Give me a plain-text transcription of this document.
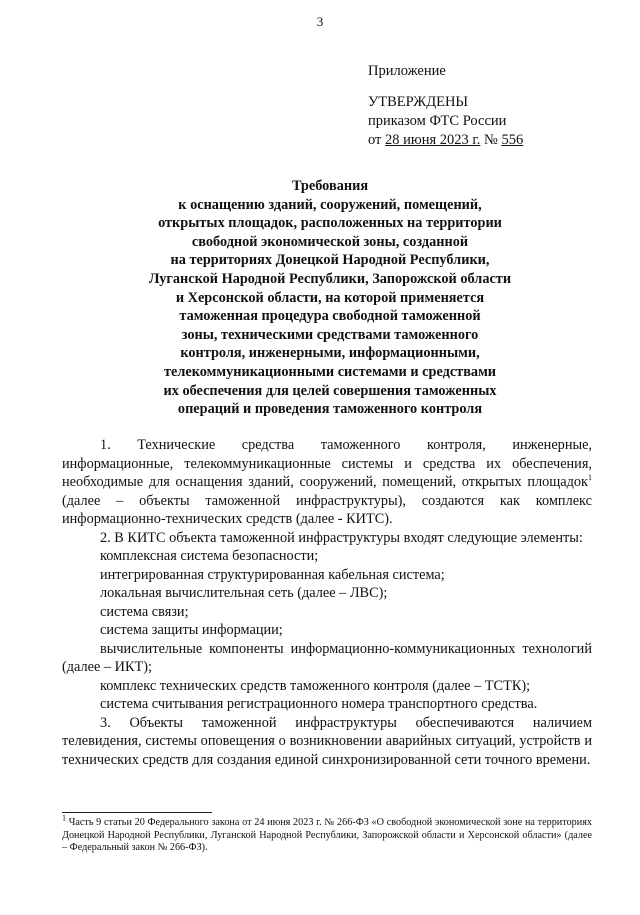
3
Приложение
УТВЕРЖДЕНЫ
приказом ФТС России
от 28 июня 2023 г. № 556
Требования
к оснащению зданий, сооружений, помещений,
открытых площадок, расположенных на территории
свободной экономической зоны, созданной
на территориях Донецкой Народной Республики,
Луганской Народной Республики, Запорожской области
и Херсонской области, на которой применяется
таможенная процедура свободной таможенной
зоны, техническими средствами таможенного
контроля, инженерными, информационными,
телекоммуникационными системами и средствами
их обеспечения для целей совершения таможенных
операций и проведения таможенного контроля

1. Технические средства таможенного контроля, инженерные, информационные, телекоммуникационные системы и средства их обеспечения, необходимые для оснащения зданий, сооружений, помещений, открытых площадок$^1$ (далее – объекты таможенной инфраструктуры), создаются как комплекс информационно-технических средств (далее - КИТС).

2. В КИТС объекта таможенной инфраструктуры входят следующие элементы:

комплексная система безопасности;

интегрированная структурированная кабельная система;

локальная вычислительная сеть (далее – ЛВС);

система связи;

система защиты информации;

вычислительные компоненты информационно-коммуникационных технологий (далее – ИКТ);

комплекс технических средств таможенного контроля (далее – ТСТК);

система считывания регистрационного номера транспортного средства.

3. Объекты таможенной инфраструктуры обеспечиваются наличием телевидения, системы оповещения о возникновении аварийных ситуаций, устройств и технических средств для создания единой синхронизированной сети точного времени.

$^1$ Часть 9 статьи 20 Федерального закона от 24 июня 2023 г. № 266-ФЗ «О свободной экономической зоне на территориях Донецкой Народной Республики, Луганской Народной Республики, Запорожской области и Херсонской области» (далее – Федеральный закон № 266-ФЗ).
